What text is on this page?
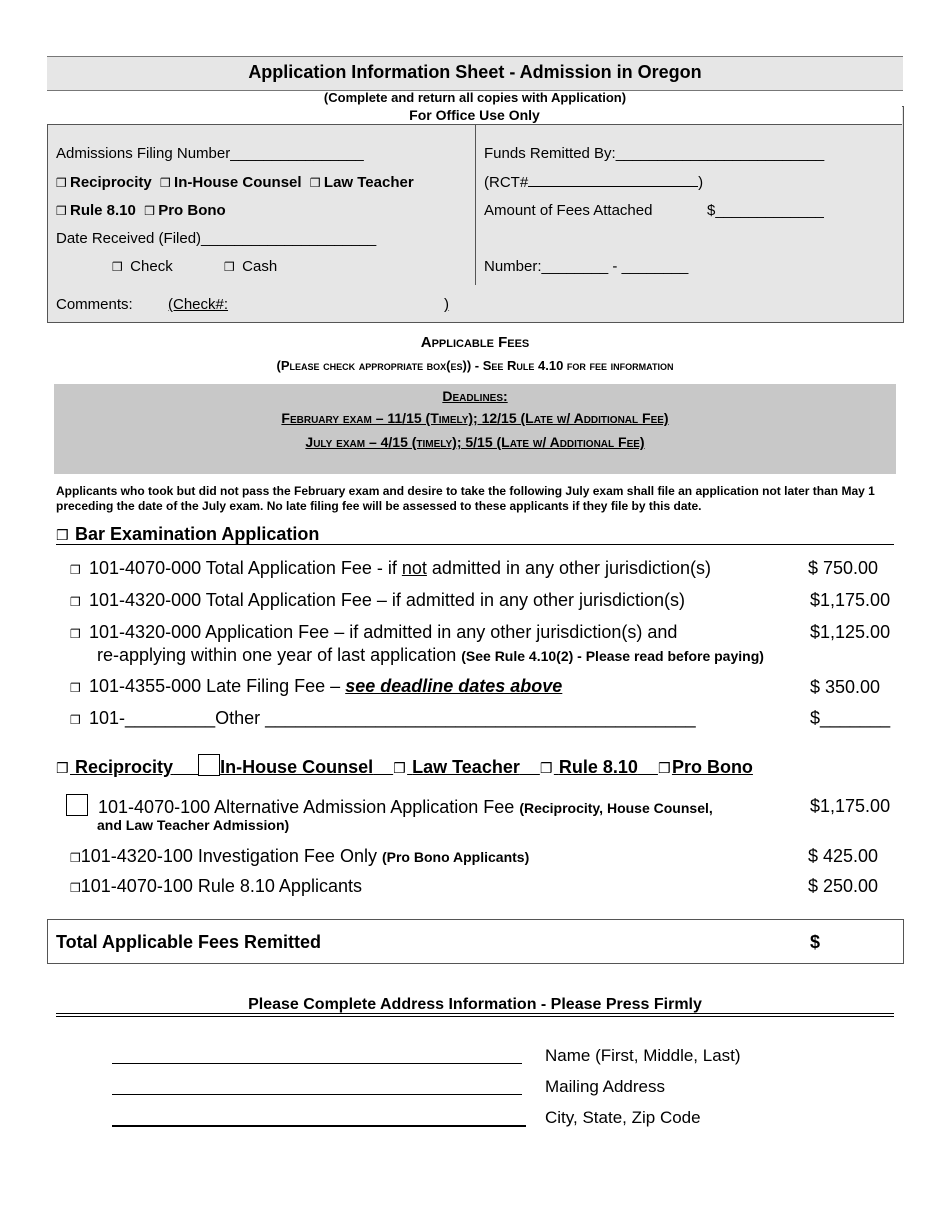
Application Information Sheet - Admission in Oregon
(Complete and return all copies with Application)
For Office Use Only
Admissions Filing Number________________
❒ Reciprocity ❒ In-House Counsel ❒ Law Teacher
❒ Rule 8.10 ❒ Pro Bono
Date Received (Filed)_____________________
❒ Check	❒ Cash
Comments: (Check#:	)
Funds Remitted By:_________________________
(RCT#	)
Amount of Fees Attached	$_____________
Number:________ - ________
Applicable Fees
(Please check appropriate box(es)) - See Rule 4.10 for fee information
Deadlines:
February exam – 11/15 (Timely); 12/15 (Late w/ Additional Fee)
July exam – 4/15 (timely); 5/15 (Late w/ Additional Fee)
Applicants who took but did not pass the February exam and desire to take the following July exam shall file an application not later than May 1 preceding the date of the July exam. No late filing fee will be assessed to these applicants if they file by this date.
❒ Bar Examination Application
❒ 101-4070-000 Total Application Fee - if not admitted in any other jurisdiction(s)	$ 750.00
❒ 101-4320-000 Total Application Fee – if admitted in any other jurisdiction(s)	$1,175.00
❒ 101-4320-000 Application Fee – if admitted in any other jurisdiction(s) and
re-applying within one year of last application (See Rule 4.10(2) - Please read before paying)
$1,125.00
❒ 101-4355-000 Late Filing Fee – see deadline dates above	$ 350.00
❒ 101-_________Other ___________________________________________	$_______
❒ Reciprocity	In-House Counsel ❒ Law Teacher ❒ Rule 8.10 ❒Pro Bono
101-4070-100 Alternative Admission Application Fee (Reciprocity, House Counsel,
and Law Teacher Admission)
$1,175.00
❒101-4320-100 Investigation Fee Only (Pro Bono Applicants)	$ 425.00
❒101-4070-100 Rule 8.10 Applicants	$ 250.00
Total Applicable Fees Remitted	$
Please Complete Address Information - Please Press Firmly
Name (First, Middle, Last)
Mailing Address
City, State, Zip Code
